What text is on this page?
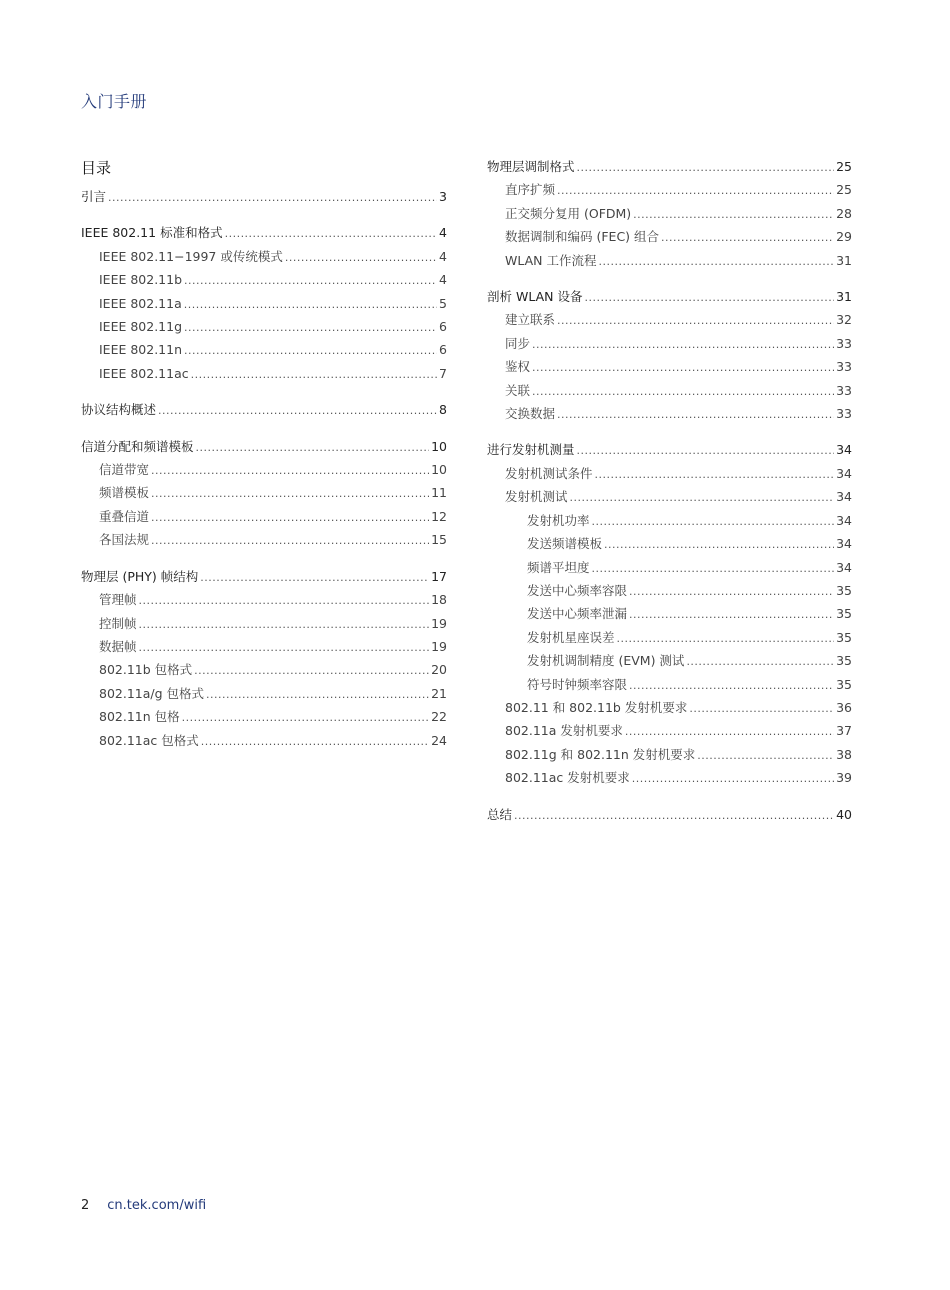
入门手册
目录
引言 .....	3
IEEE 802.11 标准和格式 .....	4
IEEE 802.11−1997 或传统模式 .....	4
IEEE 802.11b .....	4
IEEE 802.11a .....	5
IEEE 802.11g .....	6
IEEE 802.11n .....	6
IEEE 802.11ac .....	7
协议结构概述 .....	8
信道分配和频谱模板 .....	10
信道带宽 .....	10
频谱模板 .....	11
重叠信道 .....	12
各国法规 .....	15
物理层 (PHY) 帧结构 .....	17
管理帧 .....	18
控制帧 .....	19
数据帧 .....	19
802.11b 包格式 .....	20
802.11a/g 包格式 .....	21
802.11n 包格 .....	22
802.11ac 包格式 .....	24
物理层调制格式 .....	25
直序扩频 .....	25
正交频分复用 (OFDM) .....	28
数据调制和编码 (FEC) 组合 .....	29
WLAN 工作流程 .....	31
剖析 WLAN 设备 .....	31
建立联系 .....	32
同步 .....	33
鉴权 .....	33
关联 .....	33
交换数据 .....	33
进行发射机测量 .....	34
发射机测试条件 .....	34
发射机测试 .....	34
发射机功率 .....	34
发送频谱模板 .....	34
频谱平坦度 .....	34
发送中心频率容限 .....	35
发送中心频率泄漏 .....	35
发射机星座误差 .....	35
发射机调制精度 (EVM) 测试 .....	35
符号时钟频率容限 .....	35
802.11 和 802.11b 发射机要求 .....	36
802.11a 发射机要求 .....	37
802.11g 和 802.11n 发射机要求 .....	38
802.11ac 发射机要求 .....	39
总结 .....	40
2 cn.tek.com/wifi
